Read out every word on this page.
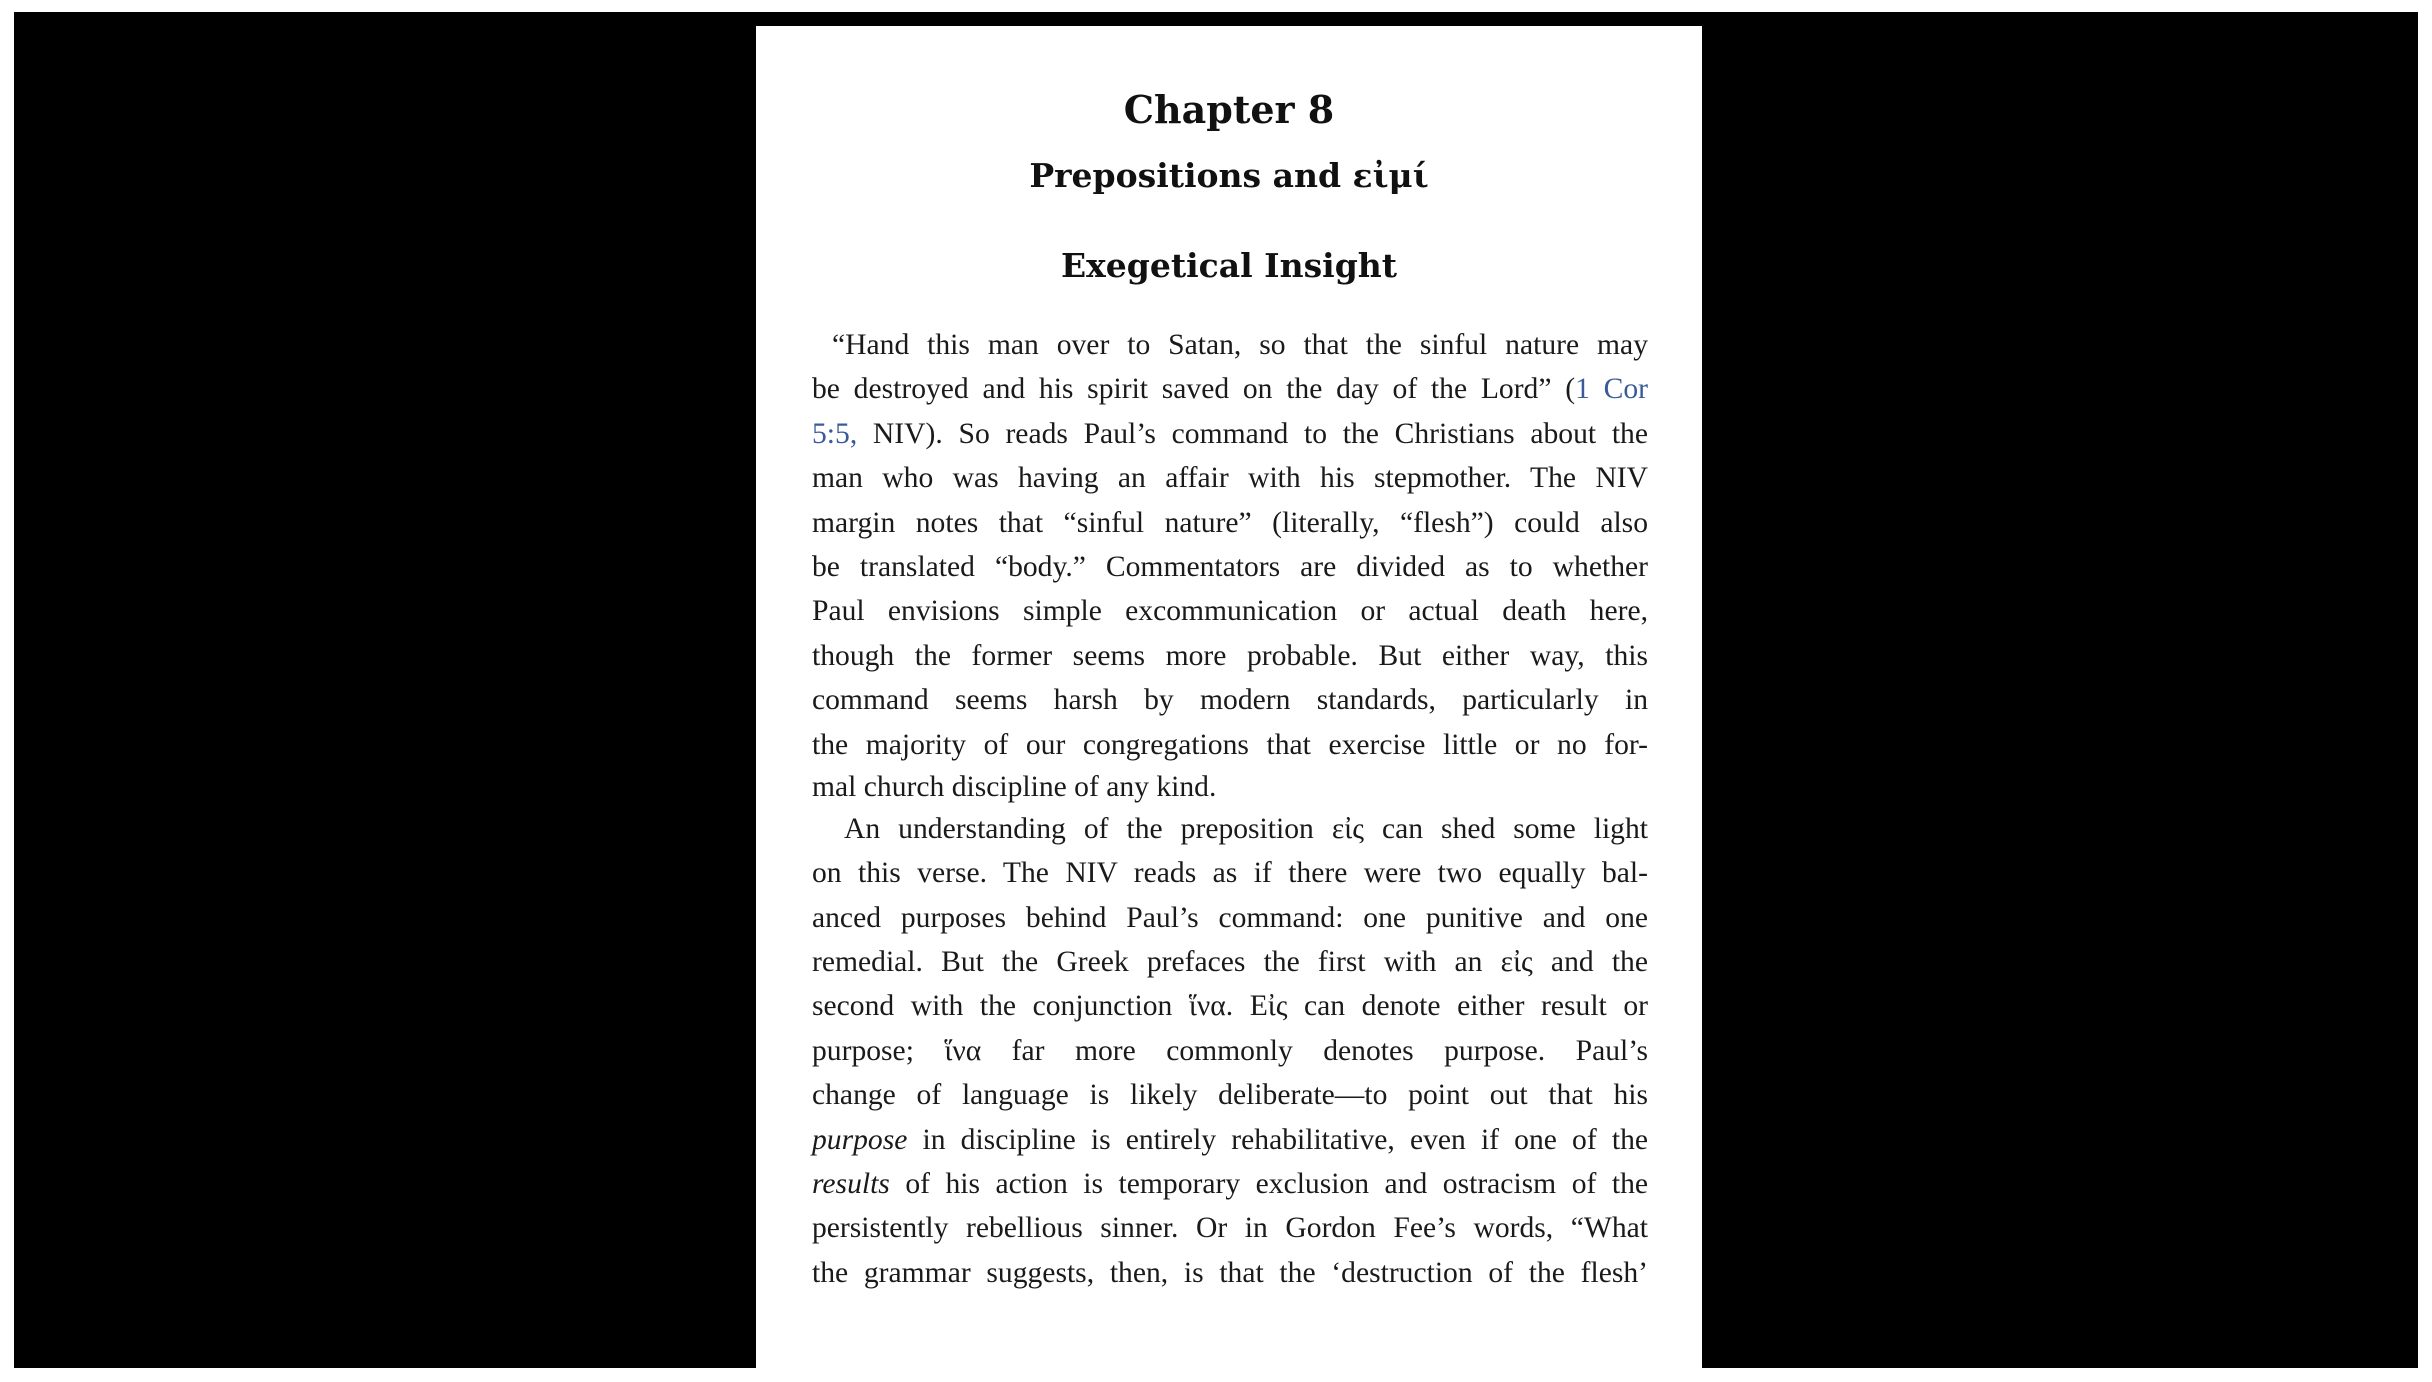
Chapter 8
Prepositions and εἰμί
Exegetical Insight
“Hand this man over to Satan, so that the sinful nature may
be destroyed and his spirit saved on the day of the Lord” (1 Cor
5:5, NIV). So reads Paul’s command to the Christians about the
man who was having an affair with his stepmother. The NIV
margin notes that “sinful nature” (literally, “flesh”) could also
be translated “body.” Commentators are divided as to whether
Paul envisions simple excommunication or actual death here,
though the former seems more probable. But either way, this
command seems harsh by modern standards, particularly in
the majority of our congregations that exercise little or no for-
mal church discipline of any kind.
An understanding of the preposition εἰς can shed some light
on this verse. The NIV reads as if there were two equally bal-
anced purposes behind Paul’s command: one punitive and one
remedial. But the Greek prefaces the first with an εἰς and the
second with the conjunction ἵνα. Εἰς can denote either result or
purpose; ἵνα far more commonly denotes purpose. Paul’s
change of language is likely deliberate—to point out that his
purpose in discipline is entirely rehabilitative, even if one of the
results of his action is temporary exclusion and ostracism of the
persistently rebellious sinner. Or in Gordon Fee’s words, “What
the grammar suggests, then, is that the ‘destruction of the flesh’
